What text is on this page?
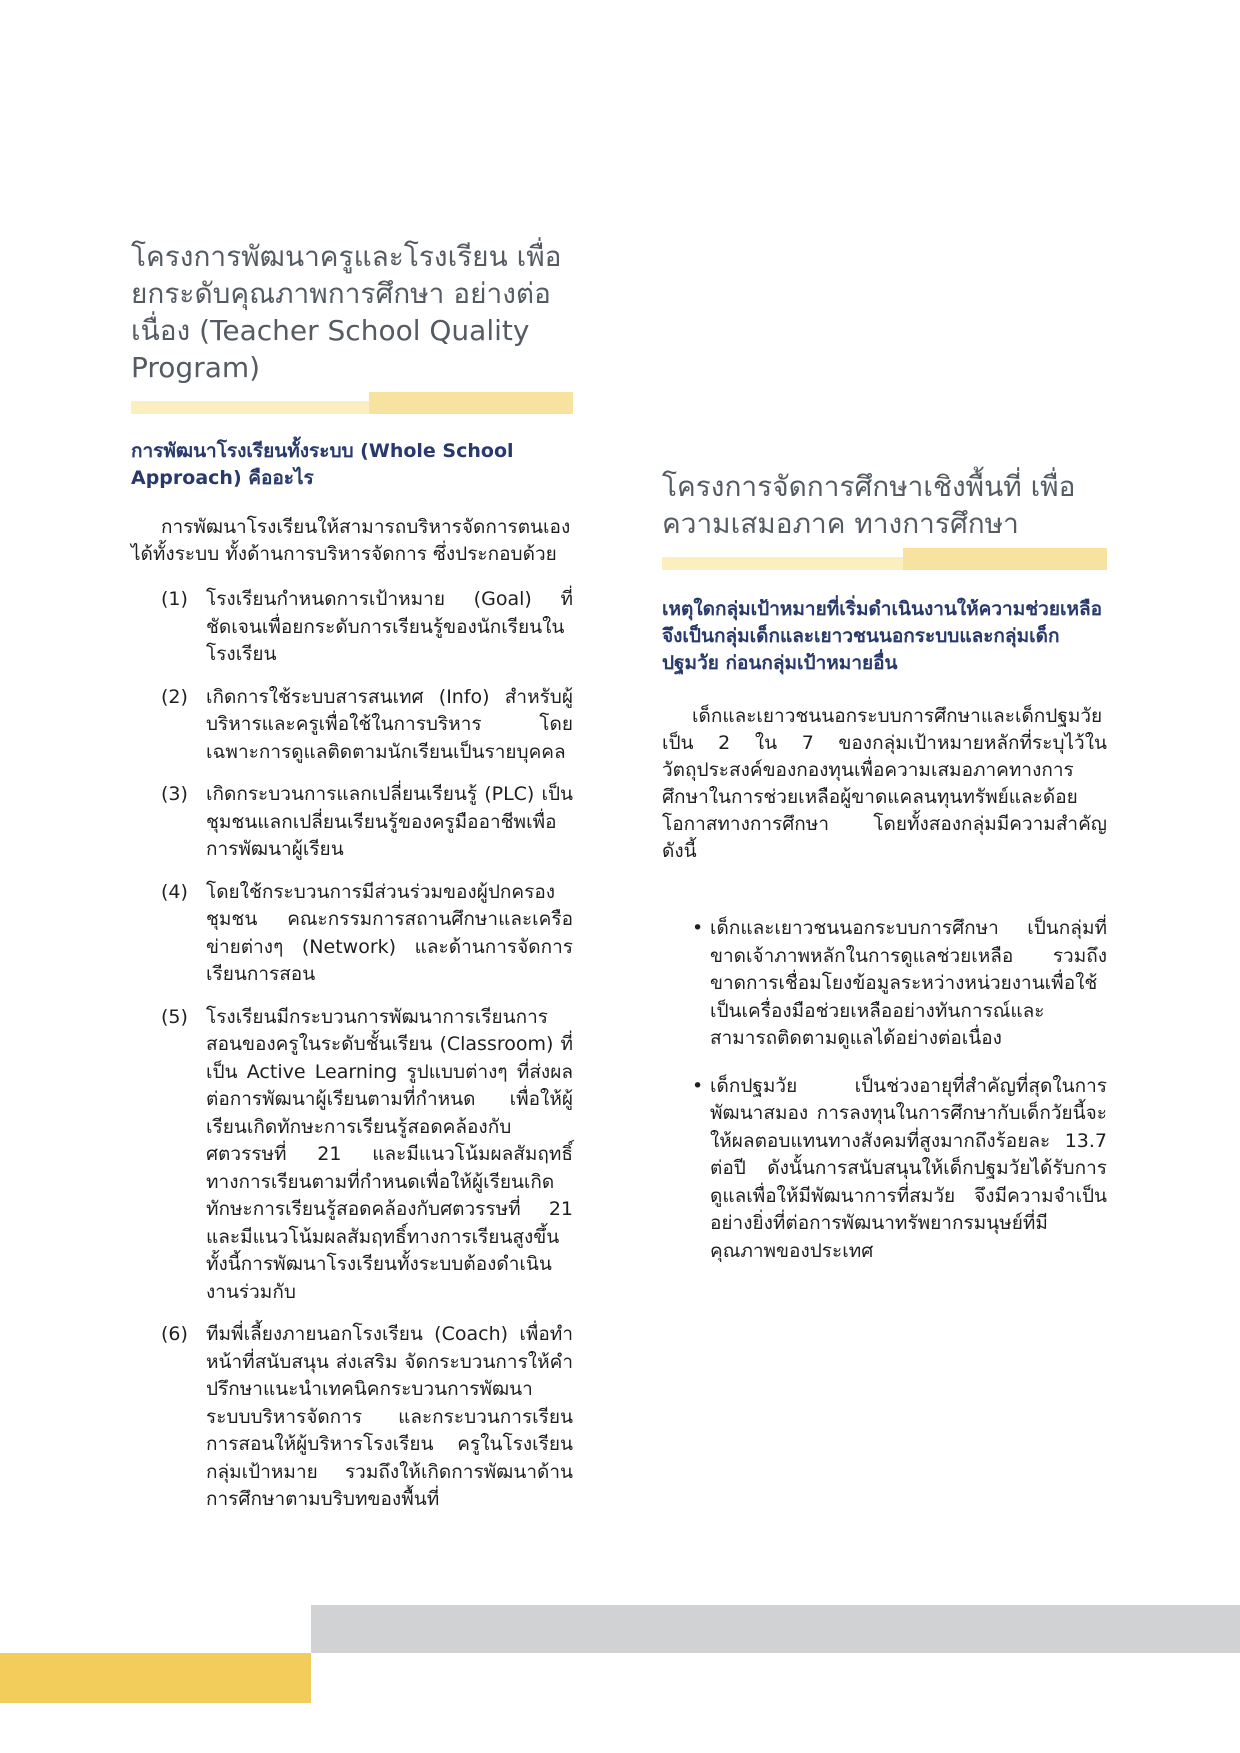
โครงการพัฒนาครูและโรงเรียน เพื่อยกระดับคุณภาพการศึกษา อย่างต่อเนื่อง (Teacher School Quality Program)
การพัฒนาโรงเรียนทั้งระบบ (Whole School Approach) คืออะไร

การพัฒนาโรงเรียนให้สามารถบริหารจัดการตนเองได้ทั้งระบบ ทั้งด้านการบริหารจัดการ ซึ่งประกอบด้วย

(1) โรงเรียนกำหนดการเป้าหมาย (Goal) ที่ชัดเจนเพื่อยกระดับการเรียนรู้ของนักเรียนในโรงเรียน
(2) เกิดการใช้ระบบสารสนเทศ (Info) สำหรับผู้บริหารและครูเพื่อใช้ในการบริหาร โดยเฉพาะการดูแลติดตามนักเรียนเป็นรายบุคคล
(3) เกิดกระบวนการแลกเปลี่ยนเรียนรู้ (PLC) เป็นชุมชนแลกเปลี่ยนเรียนรู้ของครูมืออาชีพเพื่อการพัฒนาผู้เรียน
(4) โดยใช้กระบวนการมีส่วนร่วมของผู้ปกครองชุมชน คณะกรรมการสถานศึกษาและเครือข่ายต่างๆ (Network) และด้านการจัดการเรียนการสอน
(5) โรงเรียนมีกระบวนการพัฒนาการเรียนการสอนของครูในระดับชั้นเรียน (Classroom) ที่เป็น Active Learning รูปแบบต่างๆ ที่ส่งผลต่อการพัฒนาผู้เรียนตามที่กำหนด เพื่อให้ผู้เรียนเกิดทักษะการเรียนรู้สอดคล้องกับศตวรรษที่ 21 และมีแนวโน้มผลสัมฤทธิ์ทางการเรียนตามที่กำหนดเพื่อให้ผู้เรียนเกิดทักษะการเรียนรู้สอดคล้องกับศตวรรษที่ 21 และมีแนวโน้มผลสัมฤทธิ์ทางการเรียนสูงขึ้น ทั้งนี้การพัฒนาโรงเรียนทั้งระบบต้องดำเนินงานร่วมกับ
(6) ทีมพี่เลี้ยงภายนอกโรงเรียน (Coach) เพื่อทำหน้าที่สนับสนุน ส่งเสริม จัดกระบวนการให้คำปรึกษาแนะนำเทคนิคกระบวนการพัฒนาระบบบริหารจัดการ และกระบวนการเรียนการสอนให้ผู้บริหารโรงเรียน ครูในโรงเรียนกลุ่มเป้าหมาย รวมถึงให้เกิดการพัฒนาด้านการศึกษาตามบริบทของพื้นที่
โครงการจัดการศึกษาเชิงพื้นที่ เพื่อความเสมอภาค ทางการศึกษา
เหตุใดกลุ่มเป้าหมายที่เริ่มดำเนินงานให้ความช่วยเหลือ จึงเป็นกลุ่มเด็กและเยาวชนนอกระบบและกลุ่มเด็กปฐมวัย ก่อนกลุ่มเป้าหมายอื่น

เด็กและเยาวชนนอกระบบการศึกษาและเด็กปฐมวัย เป็น 2 ใน 7 ของกลุ่มเป้าหมายหลักที่ระบุไว้ในวัตถุประสงค์ของกองทุนเพื่อความเสมอภาคทางการศึกษาในการช่วยเหลือผู้ขาดแคลนทุนทรัพย์และด้อยโอกาสทางการศึกษา โดยทั้งสองกลุ่มมีความสำคัญ ดังนี้

• เด็กและเยาวชนนอกระบบการศึกษา เป็นกลุ่มที่ขาดเจ้าภาพหลักในการดูแลช่วยเหลือ รวมถึงขาดการเชื่อมโยงข้อมูลระหว่างหน่วยงานเพื่อใช้เป็นเครื่องมือช่วยเหลืออย่างทันการณ์และสามารถติดตามดูแลได้อย่างต่อเนื่อง
• เด็กปฐมวัย เป็นช่วงอายุที่สำคัญที่สุดในการพัฒนาสมอง การลงทุนในการศึกษากับเด็กวัยนี้จะให้ผลตอบแทนทางสังคมที่สูงมากถึงร้อยละ 13.7 ต่อปี ดังนั้นการสนับสนุนให้เด็กปฐมวัยได้รับการดูแลเพื่อให้มีพัฒนาการที่สมวัย จึงมีความจำเป็นอย่างยิ่งที่ต่อการพัฒนาทรัพยากรมนุษย์ที่มีคุณภาพของประเทศ
